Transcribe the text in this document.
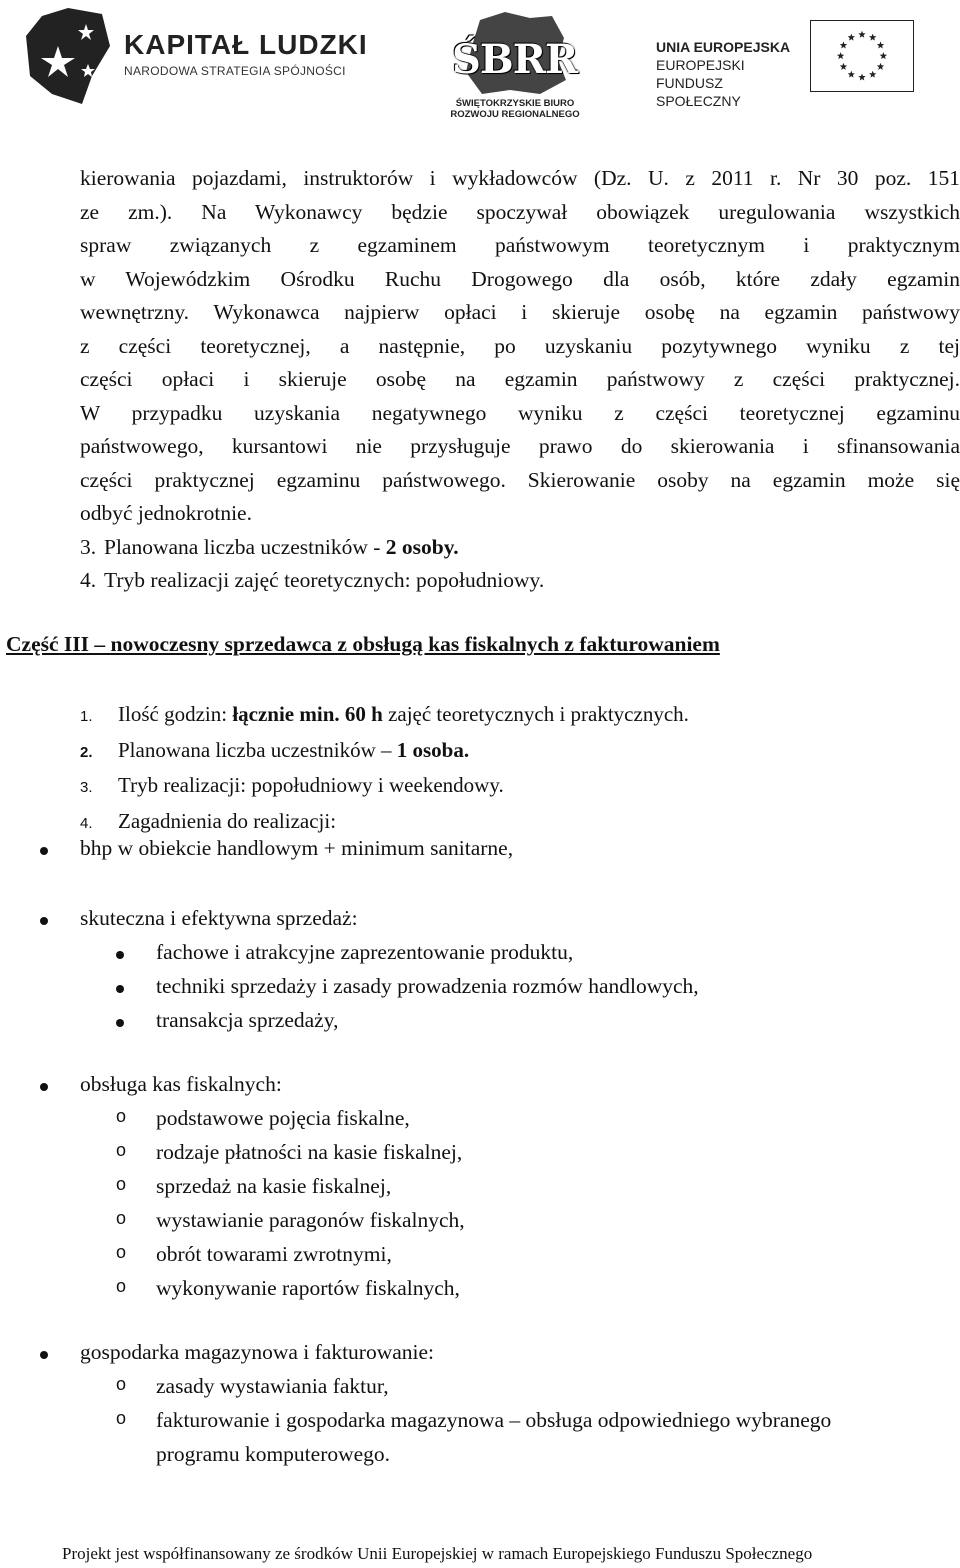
KAPITAŁ LUDZKI
NARODOWA STRATEGIA SPÓJNOŚCI	ŚBRR
ŚWIĘTOKRZYSKIE BIURO
ROZWOJU REGIONALNEGO
UNIA EUROPEJSKA
EUROPEJSKI
FUNDUSZ SPOŁECZNY
kierowania pojazdami, instruktorów i wykładowców (Dz. U. z 2011 r. Nr 30 poz. 151
ze zm.). Na Wykonawcy będzie spoczywał obowiązek uregulowania wszystkich
spraw związanych z egzaminem państwowym teoretycznym i praktycznym
w Wojewódzkim Ośrodku Ruchu Drogowego dla osób, które zdały egzamin
wewnętrzny. Wykonawca najpierw opłaci i skieruje osobę na egzamin państwowy
z części teoretycznej, a następnie, po uzyskaniu pozytywnego wyniku z tej
części opłaci i skieruje osobę na egzamin państwowy z części praktycznej.
W przypadku uzyskania negatywnego wyniku z części teoretycznej egzaminu
państwowego, kursantowi nie przysługuje prawo do skierowania i sfinansowania
części praktycznej egzaminu państwowego. Skierowanie osoby na egzamin może się
odbyć jednokrotnie.
3. Planowana liczba uczestników - 2 osoby.
4. Tryb realizacji zajęć teoretycznych: popołudniowy.
Część III – nowoczesny sprzedawca z obsługą kas fiskalnych z fakturowaniem
1. Ilość godzin: łącznie min. 60 h zajęć teoretycznych i praktycznych.
2. Planowana liczba uczestników – 1 osoba.
3. Tryb realizacji: popołudniowy i weekendowy.
4. Zagadnienia do realizacji:
bhp w obiekcie handlowym + minimum sanitarne,
skuteczna i efektywna sprzedaż:
fachowe i atrakcyjne zaprezentowanie produktu,
techniki sprzedaży i zasady prowadzenia rozmów handlowych,
transakcja sprzedaży,
obsługa kas fiskalnych:
o podstawowe pojęcia fiskalne,
o rodzaje płatności na kasie fiskalnej,
o sprzedaż na kasie fiskalnej,
o wystawianie paragonów fiskalnych,
o obrót towarami zwrotnymi,
o wykonywanie raportów fiskalnych,
gospodarka magazynowa i fakturowanie:
o zasady wystawiania faktur,
o fakturowanie i gospodarka magazynowa – obsługa odpowiedniego wybranego
programu komputerowego.
Projekt jest współfinansowany ze środków Unii Europejskiej w ramach Europejskiego Funduszu Społecznego
